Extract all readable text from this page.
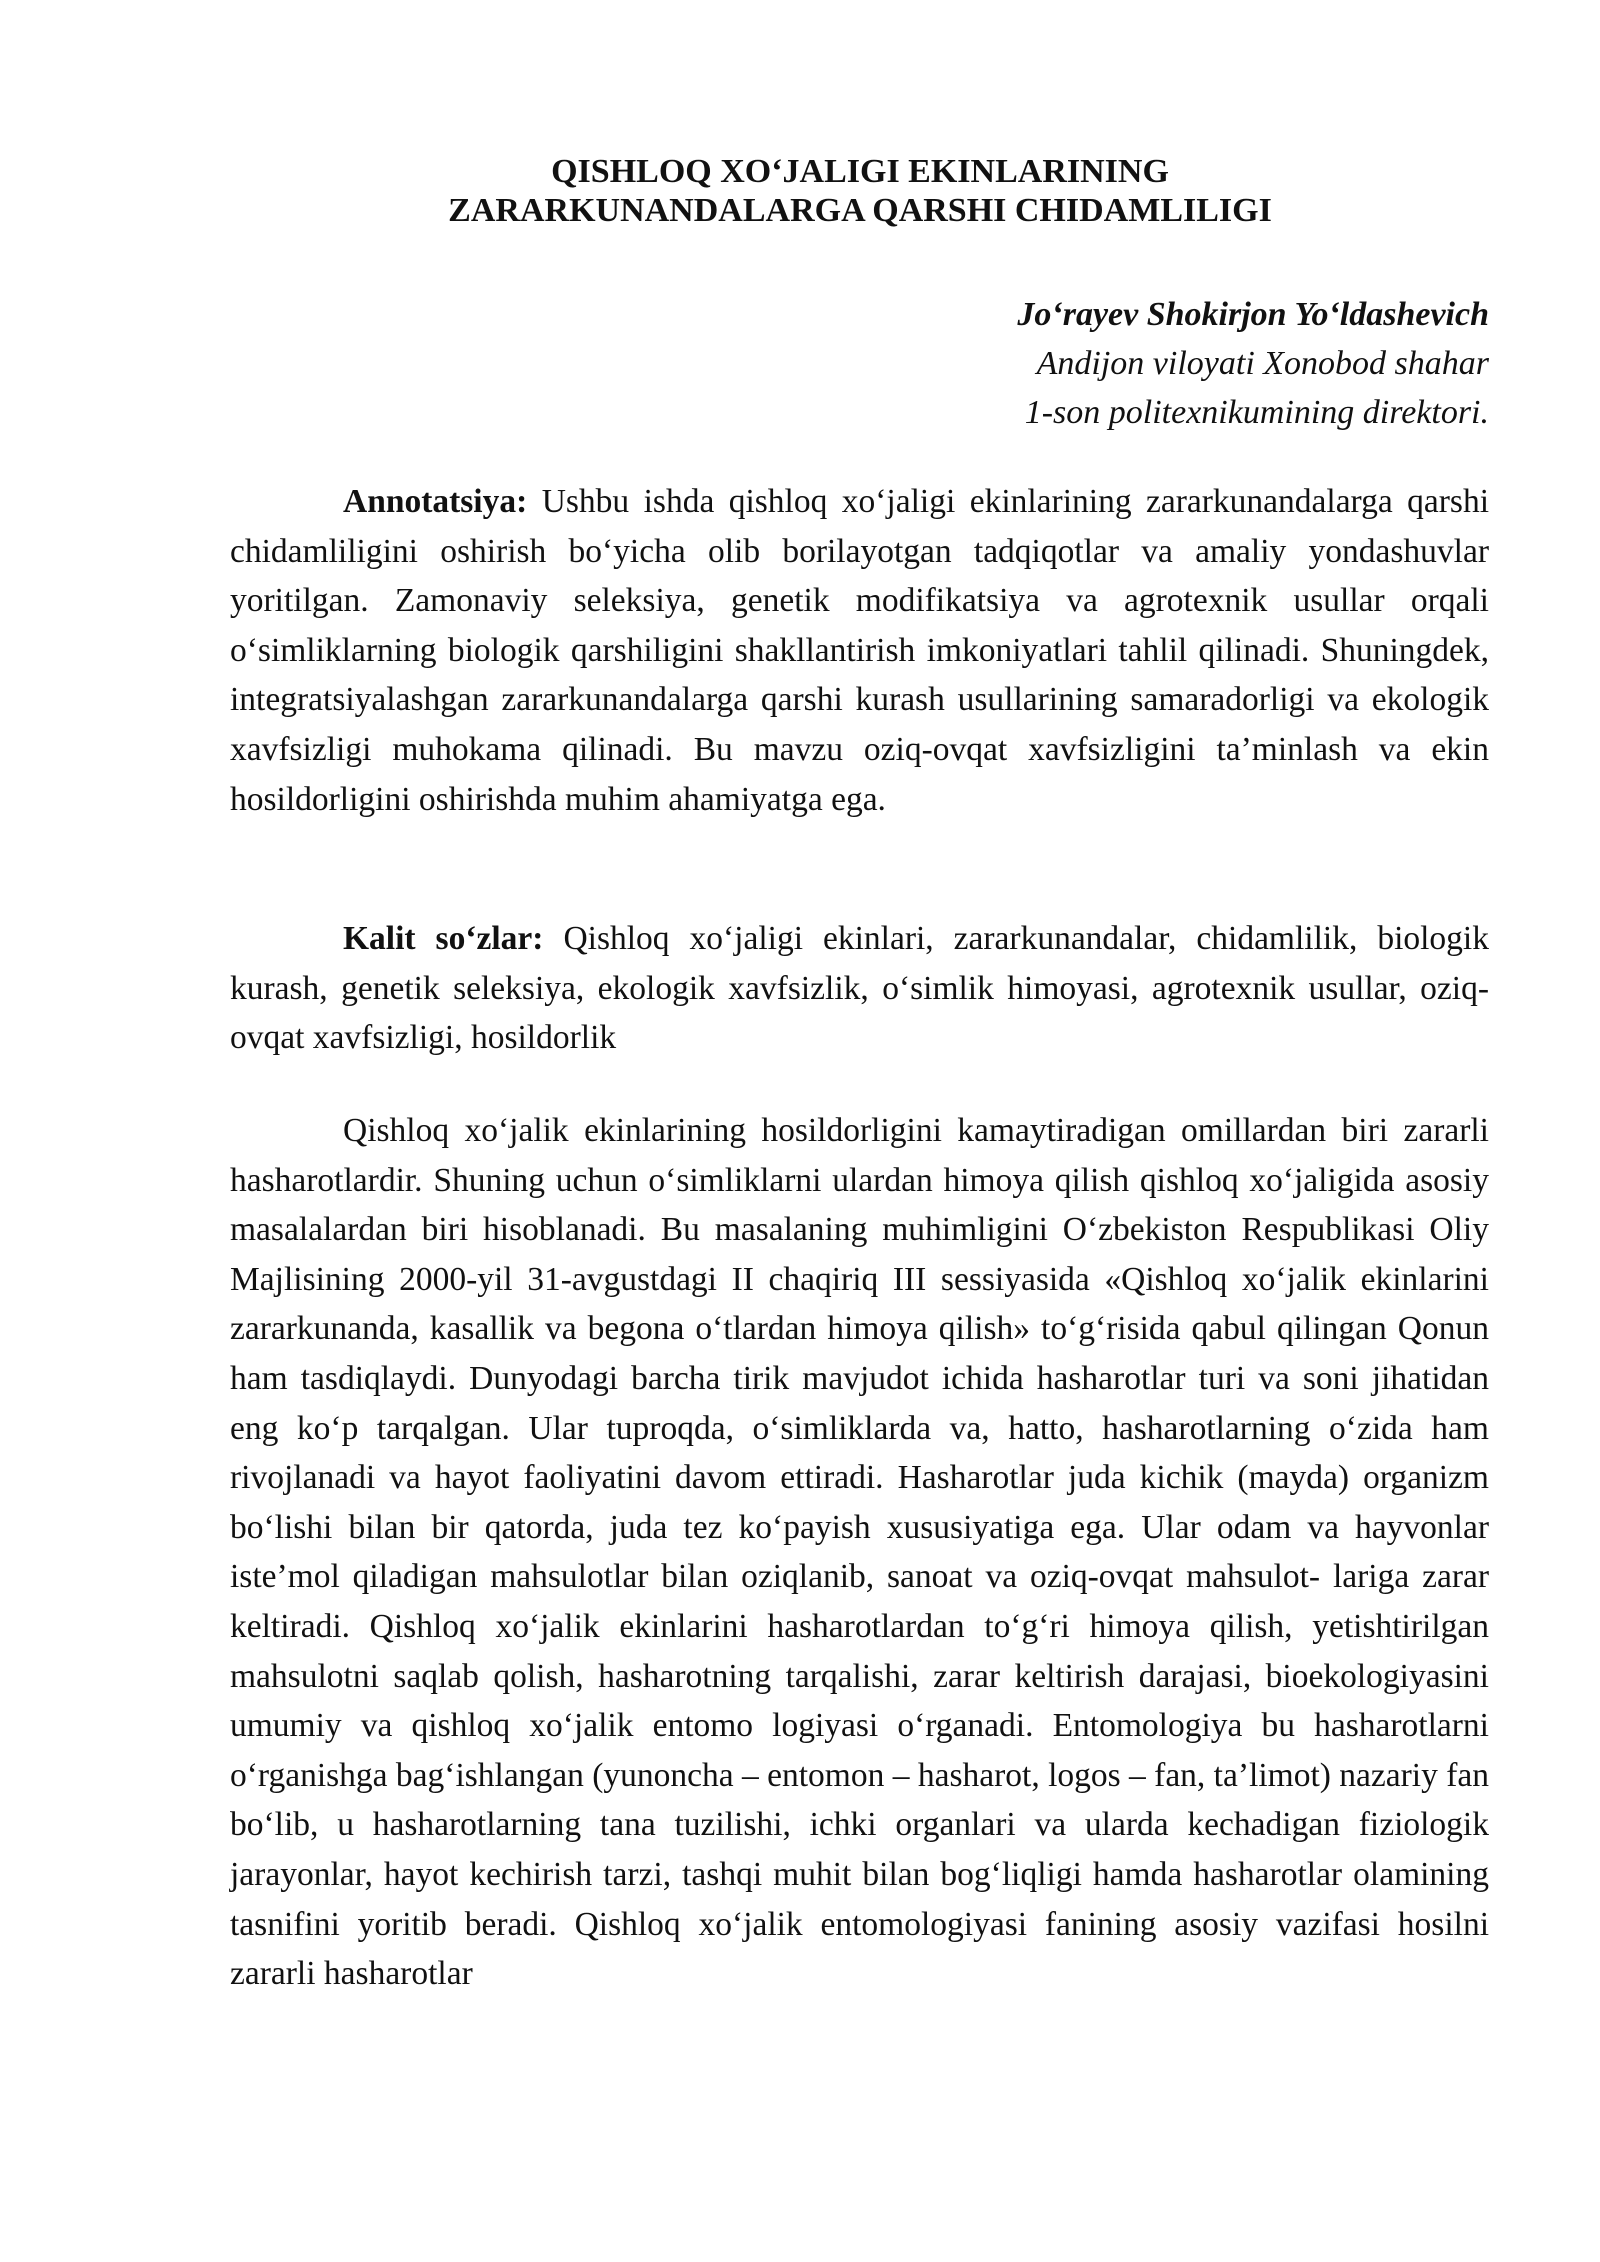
QISHLOQ XO‘JALIGI EKINLARINING
ZARARKUNANDALARGA QARSHI CHIDAMLILIGI
Jo‘rayev Shokirjon Yo‘ldashevich
Andijon viloyati Xonobod shahar
1-son politexnikumining direktori.

Annotatsiya: Ushbu ishda qishloq xo‘jaligi ekinlarining zararkunandalarga qarshi chidamliligini oshirish bo‘yicha olib borilayotgan tadqiqotlar va amaliy yondashuvlar yoritilgan. Zamonaviy seleksiya, genetik modifikatsiya va agrotexnik usullar orqali o‘simliklarning biologik qarshiligini shakllantirish imkoniyatlari tahlil qilinadi. Shuningdek, integratsiyalashgan zararkunandalarga qarshi kurash usullarining samaradorligi va ekologik xavfsizligi muhokama qilinadi. Bu mavzu oziq-ovqat xavfsizligini ta’minlash va ekin hosildorligini oshirishda muhim ahamiyatga ega.

Kalit so‘zlar: Qishloq xo‘jaligi ekinlari, zararkunandalar, chidamlilik, biologik kurash, genetik seleksiya, ekologik xavfsizlik, o‘simlik himoyasi, agrotexnik usullar, oziq-ovqat xavfsizligi, hosildorlik

Qishloq xo‘jalik ekinlarining hosildorligini kamaytiradigan omillardan biri zararli hasharotlardir. Shuning uchun o‘simliklarni ulardan himoya qilish qishloq xo‘jaligida asosiy masalalardan biri hisoblanadi. Bu masalaning muhimligini O‘zbekiston Respublikasi Oliy Majlisining 2000-yil 31-avgustdagi II chaqiriq III sessiyasida «Qishloq xo‘jalik ekinlarini zararkunanda, kasallik va begona o‘tlardan himoya qilish» to‘g‘risida qabul qilingan Qonun ham tasdiqlaydi. Dunyodagi barcha tirik mavjudot ichida hasharotlar turi va soni jihatidan eng ko‘p tarqalgan. Ular tuproqda, o‘simliklarda va, hatto, hasharotlarning o‘zida ham rivojlanadi va hayot faoliyatini davom ettiradi. Hasharotlar juda kichik (mayda) organizm bo‘lishi bilan bir qatorda, juda tez ko‘payish xususiyatiga ega. Ular odam va hayvonlar iste’mol qiladigan mahsulotlar bilan oziqlanib, sanoat va oziq-ovqat mahsulot- lariga zarar keltiradi. Qishloq xo‘jalik ekinlarini hasharotlardan to‘g‘ri himoya qilish, yetishtirilgan mahsulotni saqlab qolish, hasharotning tarqalishi, zarar keltirish darajasi, bioekologiyasini umumiy va qishloq xo‘jalik entomo logiyasi o‘rganadi. Entomologiya bu hasharotlarni o‘rganishga bag‘ishlangan (yunoncha – entomon – hasharot, logos – fan, ta’limot) nazariy fan bo‘lib, u hasharotlarning tana tuzilishi, ichki organlari va ularda kechadigan fiziologik jarayonlar, hayot kechirish tarzi, tashqi muhit bilan bog‘liqligi hamda hasharotlar olamining tasnifini yoritib beradi. Qishloq xo‘jalik entomologiyasi fanining asosiy vazifasi hosilni zararli hasharotlar
